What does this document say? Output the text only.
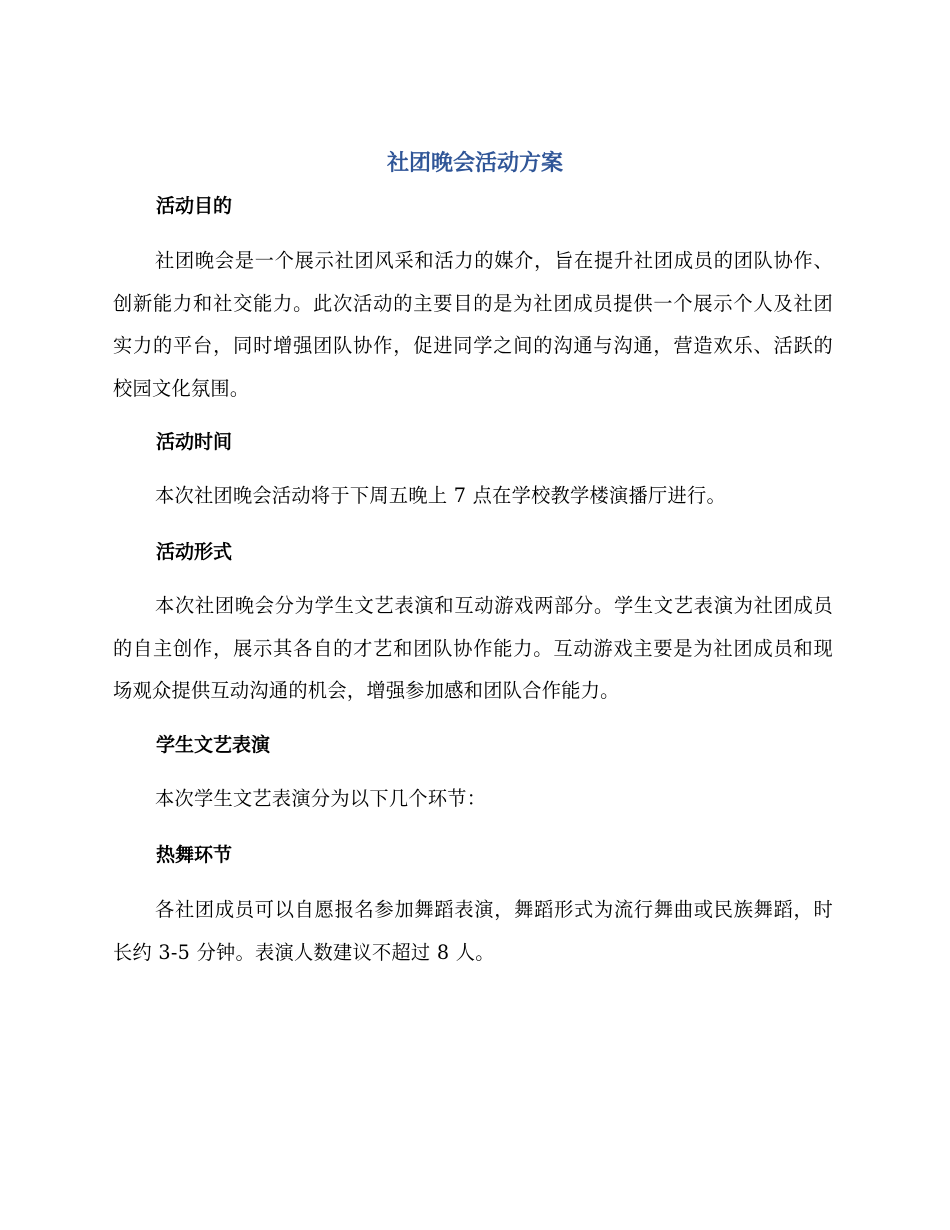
社团晚会活动方案
活动目的

社团晚会是一个展示社团风采和活力的媒介，旨在提升社团成员的团队协作、创新能力和社交能力。此次活动的主要目的是为社团成员提供一个展示个人及社团实力的平台，同时增强团队协作，促进同学之间的沟通与沟通，营造欢乐、活跃的校园文化氛围。

活动时间

本次社团晚会活动将于下周五晚上 7 点在学校教学楼演播厅进行。

活动形式

本次社团晚会分为学生文艺表演和互动游戏两部分。学生文艺表演为社团成员的自主创作，展示其各自的才艺和团队协作能力。互动游戏主要是为社团成员和现场观众提供互动沟通的机会，增强参加感和团队合作能力。

学生文艺表演

本次学生文艺表演分为以下几个环节：

热舞环节

各社团成员可以自愿报名参加舞蹈表演，舞蹈形式为流行舞曲或民族舞蹈，时长约 3-5 分钟。表演人数建议不超过 8 人。
